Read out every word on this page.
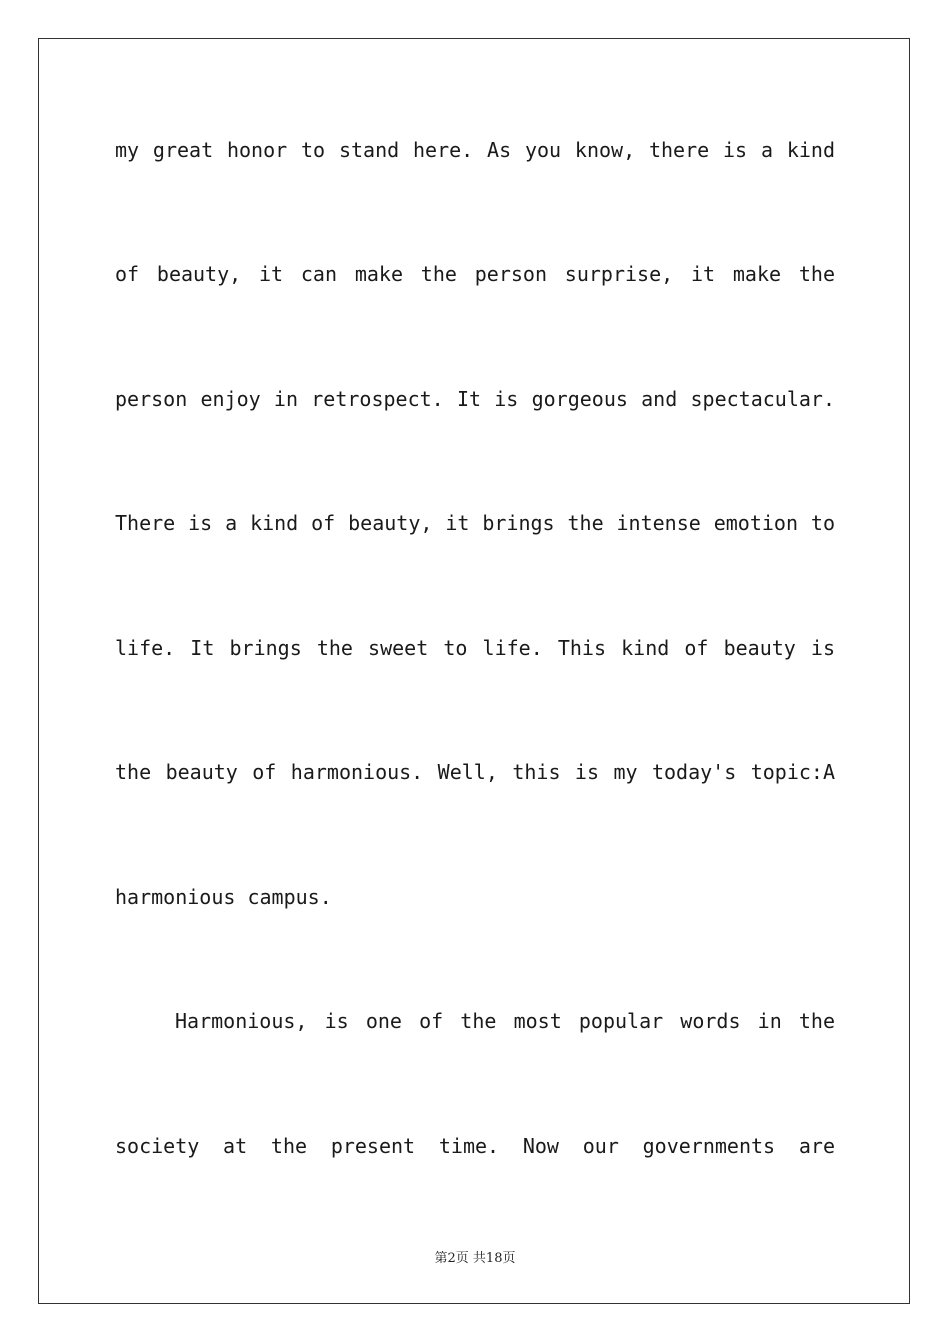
my great honor to stand here. As you know, there is a kind
of beauty, it can make the person surprise, it make the
person enjoy in retrospect. It is gorgeous and spectacular.
There is a kind of beauty, it brings the intense emotion to
life. It brings the sweet to life. This kind of beauty is
the beauty of harmonious. Well, this is my today's topic:A
harmonious campus.
Harmonious, is one of the most popular words in the
society at the present time. Now our governments are
第2页 共18页
